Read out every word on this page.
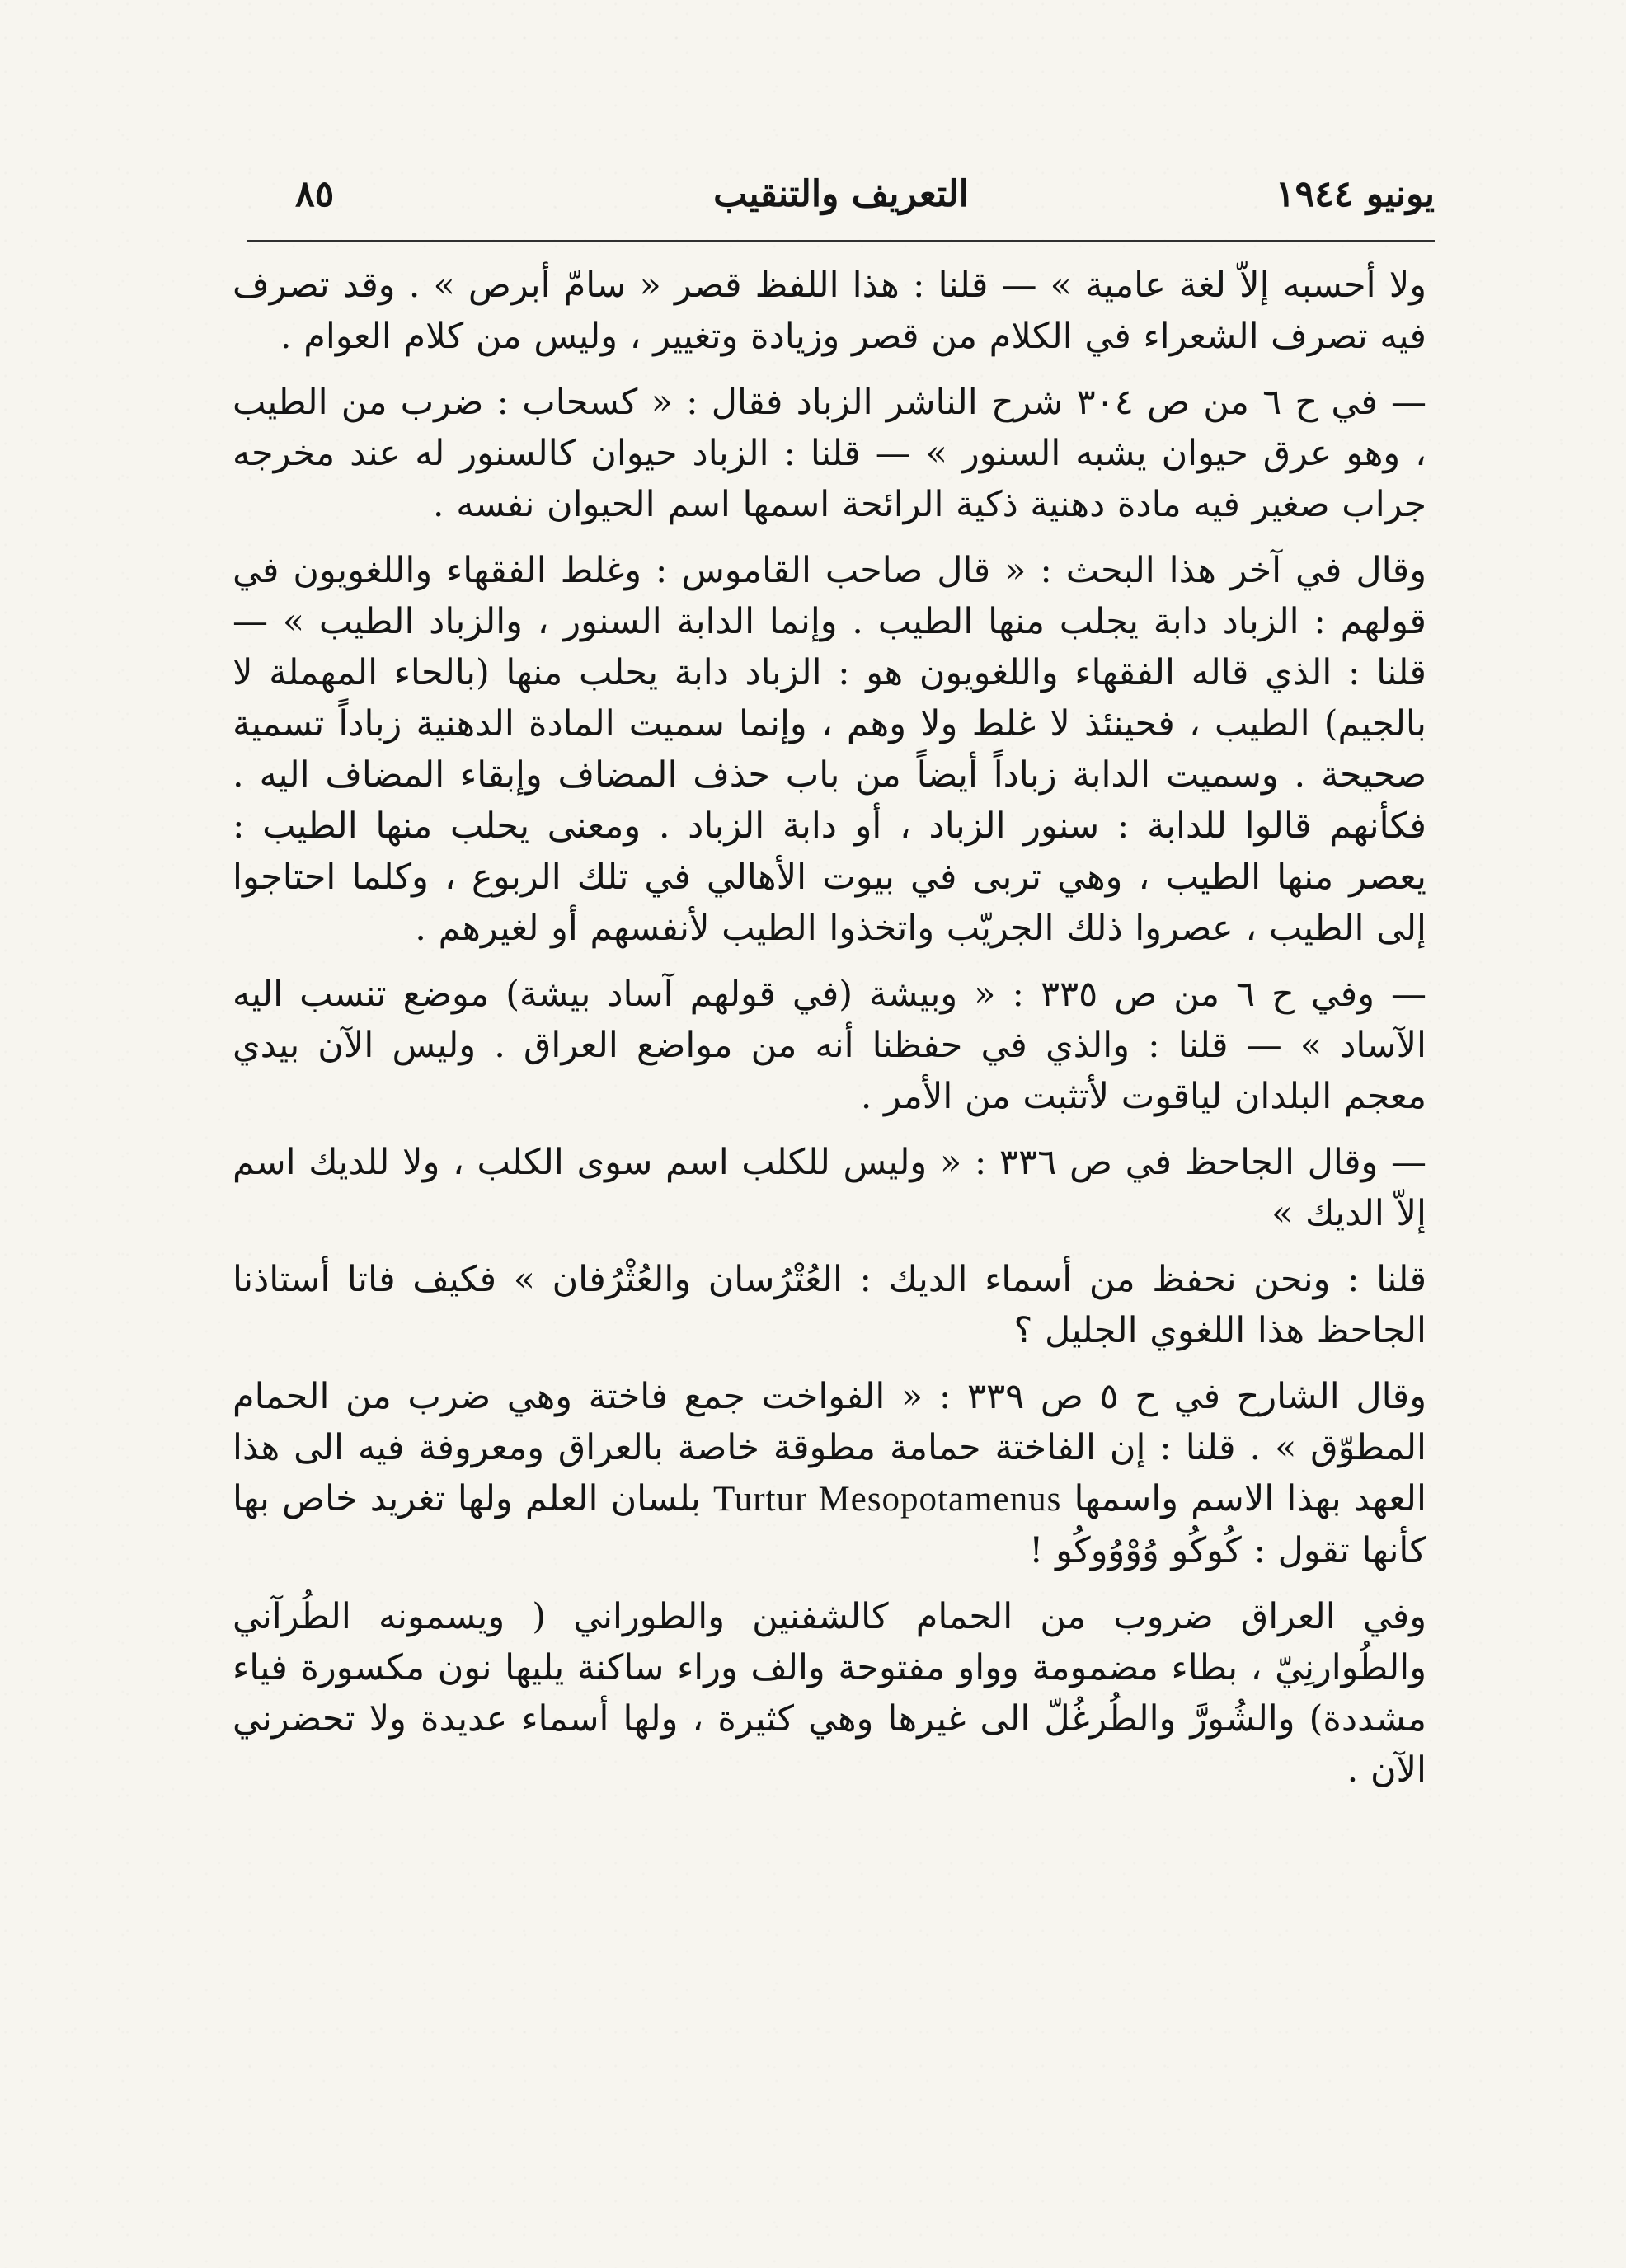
يونيو ١٩٤٤
التعريف والتنقيب
٨٥

ولا أحسبه إلاّ لغة عامية » — قلنا : هذا اللفظ قصر « سامّ أبرص » . وقد تصرف فيه تصرف الشعراء في الكلام من قصر وزيادة وتغيير ، وليس من كلام العوام .

— في ح ٦ من ص ٣٠٤ شرح الناشر الزباد فقال : « كسحاب : ضرب من الطيب ، وهو عرق حيوان يشبه السنور » — قلنا : الزباد حيوان كالسنور له عند مخرجه جراب صغير فيه مادة دهنية ذكية الرائحة اسمها اسم الحيوان نفسه .

وقال في آخر هذا البحث : « قال صاحب القاموس : وغلط الفقهاء واللغويون في قولهم : الزباد دابة يجلب منها الطيب . وإنما الدابة السنور ، والزباد الطيب » — قلنا : الذي قاله الفقهاء واللغويون هو : الزباد دابة يحلب منها (بالحاء المهملة لا بالجيم) الطيب ، فحينئذ لا غلط ولا وهم ، وإنما سميت المادة الدهنية زباداً تسمية صحيحة . وسميت الدابة زباداً أيضاً من باب حذف المضاف وإبقاء المضاف اليه . فكأنهم قالوا للدابة : سنور الزباد ، أو دابة الزباد . ومعنى يحلب منها الطيب : يعصر منها الطيب ، وهي تربى في بيوت الأهالي في تلك الربوع ، وكلما احتاجوا إلى الطيب ، عصروا ذلك الجريّب واتخذوا الطيب لأنفسهم أو لغيرهم .

— وفي ح ٦ من ص ٣٣٥ : « وبيشة (في قولهم آساد بيشة) موضع تنسب اليه الآساد » — قلنا : والذي في حفظنا أنه من مواضع العراق . وليس الآن بيدي معجم البلدان لياقوت لأتثبت من الأمر .

— وقال الجاحظ في ص ٣٣٦ : « وليس للكلب اسم سوى الكلب ، ولا للديك اسم إلاّ الديك »

قلنا : ونحن نحفظ من أسماء الديك : العُتْرُسان والعُثْرُفان » فكيف فاتا أستاذنا الجاحظ هذا اللغوي الجليل ؟

وقال الشارح في ح ٥ ص ٣٣٩ : « الفواخت جمع فاختة وهي ضرب من الحمام المطوّق » . قلنا : إن الفاختة حمامة مطوقة خاصة بالعراق ومعروفة فيه الى هذا العهد بهذا الاسم واسمها Turtur Mesopotamenus بلسان العلم ولها تغريد خاص بها كأنها تقول : كُوكُو وُوْوُوكُو !

وفي العراق ضروب من الحمام كالشفنين والطوراني ( ويسمونه الطُرآني والطُوارنِيّ ، بطاء مضمومة وواو مفتوحة والف وراء ساكنة يليها نون مكسورة فياء مشددة) والشُورَّ والطُرغُلّ الى غيرها وهي كثيرة ، ولها أسماء عديدة ولا تحضرني الآن .
